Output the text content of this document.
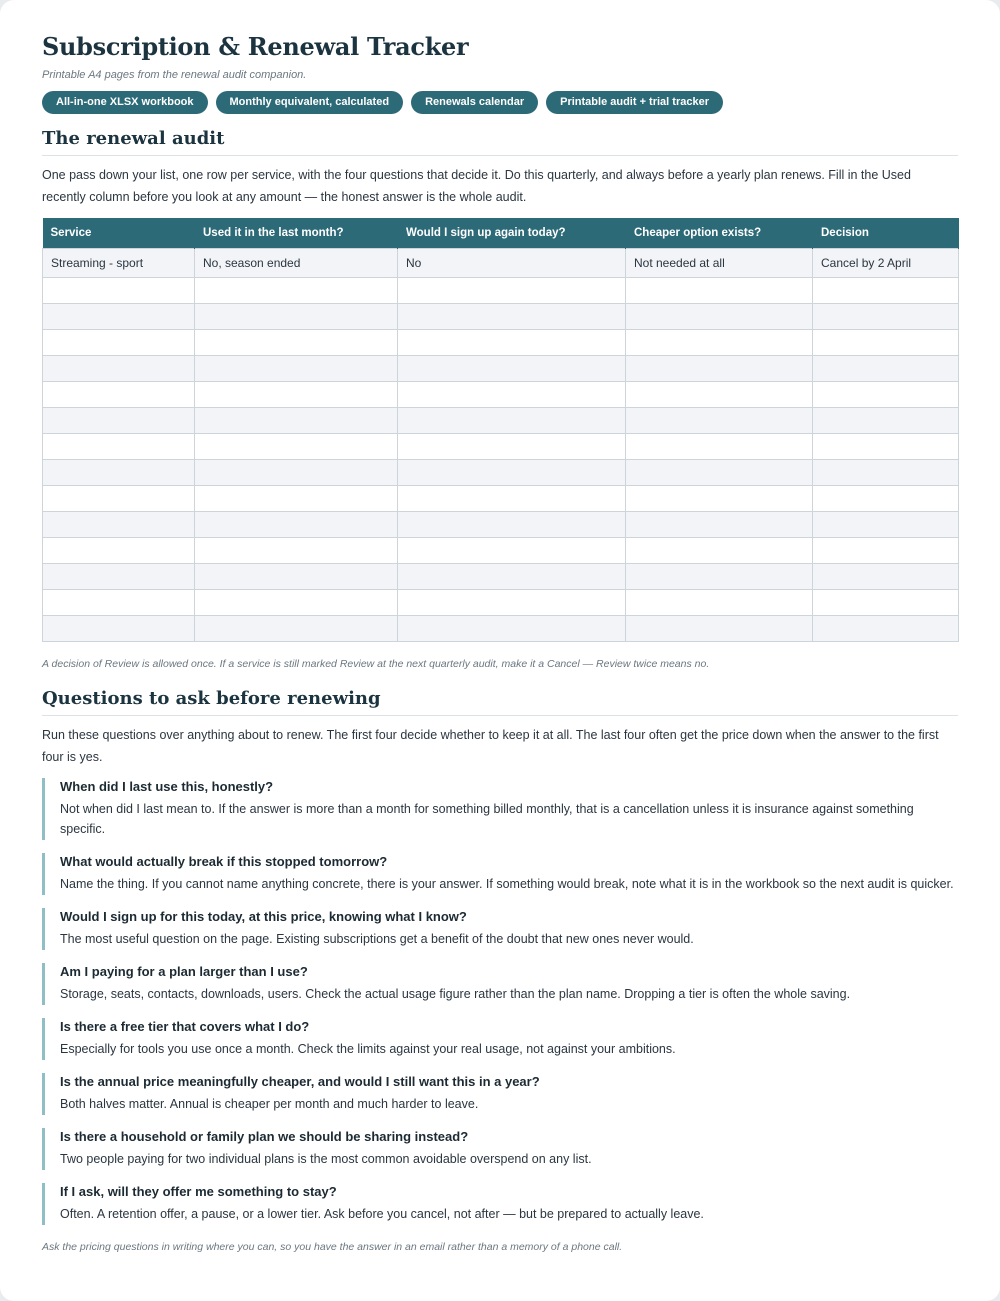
Subscription & Renewal Tracker
Printable A4 pages from the renewal audit companion.
All-in-one XLSX workbook	Monthly equivalent, calculated	Renewals calendar	Printable audit + trial tracker
The renewal audit

One pass down your list, one row per service, with the four questions that decide it. Do this quarterly, and always before a yearly plan renews. Fill in the Used recently column before you look at any amount — the honest answer is the whole audit.

Service	Used it in the last month?	Would I sign up again today?	Cheaper option exists?	Decision
Streaming - sport	No, season ended	No	Not needed at all	Cancel by 2 April

A decision of Review is allowed once. If a service is still marked Review at the next quarterly audit, make it a Cancel — Review twice means no.
Questions to ask before renewing

Run these questions over anything about to renew. The first four decide whether to keep it at all. The last four often get the price down when the answer to the first four is yes.

When did I last use this, honestly?

Not when did I last mean to. If the answer is more than a month for something billed monthly, that is a cancellation unless it is insurance against something specific.

What would actually break if this stopped tomorrow?

Name the thing. If you cannot name anything concrete, there is your answer. If something would break, note what it is in the workbook so the next audit is quicker.

Would I sign up for this today, at this price, knowing what I know?

The most useful question on the page. Existing subscriptions get a benefit of the doubt that new ones never would.

Am I paying for a plan larger than I use?

Storage, seats, contacts, downloads, users. Check the actual usage figure rather than the plan name. Dropping a tier is often the whole saving.

Is there a free tier that covers what I do?

Especially for tools you use once a month. Check the limits against your real usage, not against your ambitions.

Is the annual price meaningfully cheaper, and would I still want this in a year?

Both halves matter. Annual is cheaper per month and much harder to leave.

Is there a household or family plan we should be sharing instead?

Two people paying for two individual plans is the most common avoidable overspend on any list.

If I ask, will they offer me something to stay?

Often. A retention offer, a pause, or a lower tier. Ask before you cancel, not after — but be prepared to actually leave.

Ask the pricing questions in writing where you can, so you have the answer in an email rather than a memory of a phone call.
